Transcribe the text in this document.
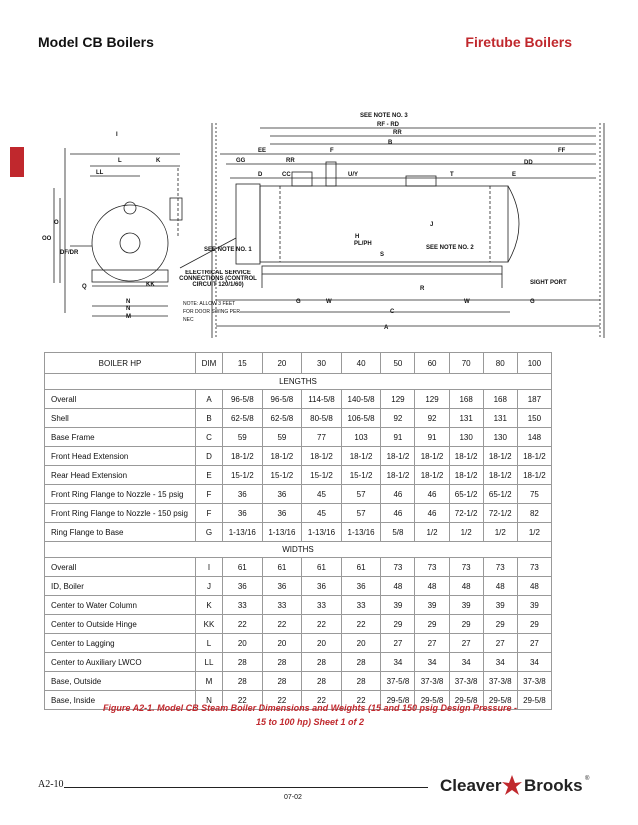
Model CB Boilers	Firetube Boilers
SEE NOTE NO. 3
RF - RD
RR
B
EE	F	FF
GG	RR	DD
D	CC	U/Y	T	E
I
L	K
LL
O
OO
DF/DR	SEE NOTE NO. 1
N
PL/PH
S
SEE NOTE NO. 2
J
Q	KK
R
G	W	W	G
C
A
H
SIGHT PORT
N
M
ELECTRICAL SERVICE CONNECTIONS (CONTROL CIRCUIT 120/1/60)
NOTE: ALLOW 3 FEET FOR DOOR SWING PER NEC
BOILER HP	DIM	15	20	30	40	50	60	70	80	100
LENGTHS										
Overall	A	96-5/8	96-5/8	114-5/8	140-5/8	129	129	168	168	187
Shell	B	62-5/8	62-5/8	80-5/8	106-5/8	92	92	131	131	150
Base Frame	C	59	59	77	103	91	91	130	130	148
Front Head Extension	D	18-1/2	18-1/2	18-1/2	18-1/2	18-1/2	18-1/2	18-1/2	18-1/2	18-1/2
Rear Head Extension	E	15-1/2	15-1/2	15-1/2	15-1/2	18-1/2	18-1/2	18-1/2	18-1/2	18-1/2
Front Ring Flange to Nozzle - 15 psig	F	36	36	45	57	46	46	65-1/2	65-1/2	75
Front Ring Flange to Nozzle - 150 psig	F	36	36	45	57	46	46	72-1/2	72-1/2	82
Ring Flange to Base	G	1-13/16	1-13/16	1-13/16	1-13/16	5/8	1/2	1/2	1/2	1/2
WIDTHS										
Overall	I	61	61	61	61	73	73	73	73	73
ID, Boiler	J	36	36	36	36	48	48	48	48	48
Center to Water Column	K	33	33	33	33	39	39	39	39	39
Center to Outside Hinge	KK	22	22	22	22	29	29	29	29	29
Center to Lagging	L	20	20	20	20	27	27	27	27	27
Center to Auxiliary LWCO	LL	28	28	28	28	34	34	34	34	34
Base, Outside	M	28	28	28	28	37-5/8	37-3/8	37-3/8	37-3/8	37-3/8
Base, Inside	N	22	22	22	22	29-5/8	29-5/8	29-5/8	29-5/8	29-5/8
Figure A2-1. Model CB Steam Boiler Dimensions and Weights (15 and 150 psig Design Pressure -
15 to 100 hp) Sheet 1 of 2
A2-10
07-02
Cleaver Brooks ®
